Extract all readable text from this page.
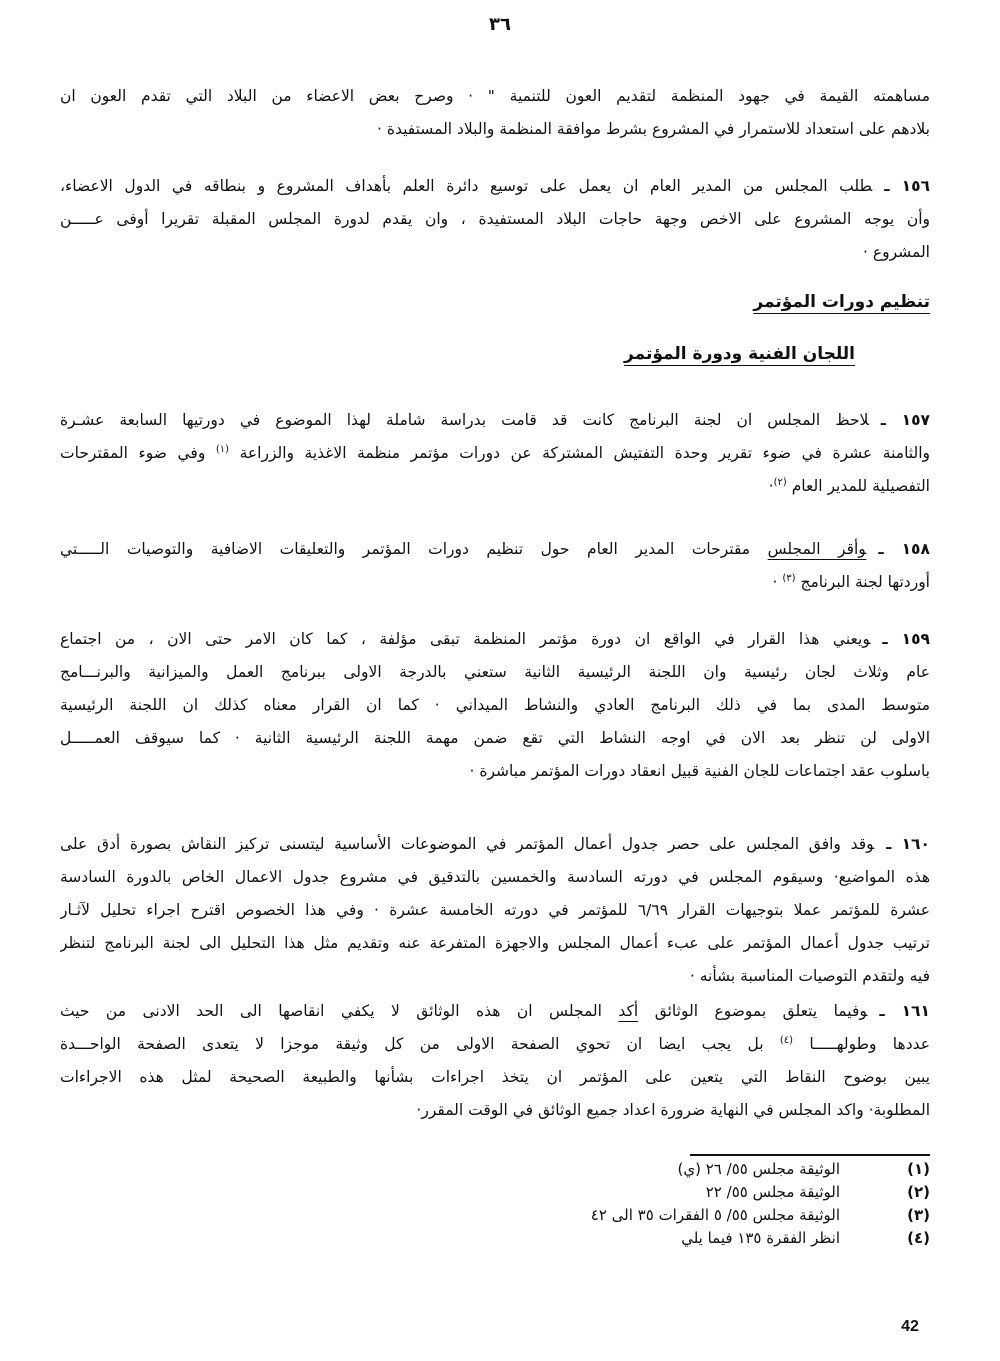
٣٦
مساهمته القيمة في جهود المنظمة لتقديم العون للتنمية " · وصرح بعض الاعضاء من البلاد التي تقدم العون ان
بلادهم على استعداد للاستمرار في المشروع بشرط موافقة المنظمة والبلاد المستفيدة ·
١٥٦ ـطلب المجلس من المدير العام ان يعمل على توسيع دائرة العلم بأهداف المشروع و بنطاقه في الدول الاعضاء،
وأن يوجه المشروع على الاخص وجهة حاجات البلاد المستفيدة ، وان يقدم لدورة المجلس المقبلة تقريرا أوفى عـــــن
المشروع ·
تنظيم دورات المؤتمر
اللجان الفنية ودورة المؤتمر
١٥٧ ـلاحظ المجلس ان لجنة البرنامج كانت قد قامت بدراسة شاملة لهذا الموضوع في دورتيها السابعة عشـرة
والثامنة عشرة في ضوء تقرير وحدة التفتيش المشتركة عن دورات مؤتمر منظمة الاغذية والزراعة $^{(١)}$ وفي ضوء المقترحات
التفصيلية للمدير العام $^{(٢)}$·
١٥٨ ـوأقر المجلس مقترحات المدير العام حول تنظيم دورات المؤتمر والتعليقات الاضافية والتوصيات الـــــتي
أوردتها لجنة البرنامج $^{(٣)}$ ·
١٥٩ ـويعني هذا القرار في الواقع ان دورة مؤتمر المنظمة تبقى مؤلفة ، كما كان الامر حتى الان ، من اجتماع
عام وثلاث لجان رئيسية وان اللجنة الرئيسية الثانية ستعني بالدرجة الاولى ببرنامج العمل والميزانية والبرنـــامج
متوسط المدى بما في ذلك البرنامج العادي والنشاط الميداني · كما ان القرار معناه كذلك ان اللجنة الرئيسية
الاولى لن تنظر بعد الان في اوجه النشاط التي تقع ضمن مهمة اللجنة الرئيسية الثانية · كما سيوقف العمـــــل
باسلوب عقد اجتماعات للجان الفنية قبيل انعقاد دورات المؤتمر مباشرة ·
١٦٠ ـوقد وافق المجلس على حصر جدول أعمال المؤتمر في الموضوعات الأساسية ليتسنى تركيز النقاش بصورة أدق على
هذه المواضيع· وسيقوم المجلس في دورته السادسة والخمسين بالتدقيق في مشروع جدول الاعمال الخاص بالدورة السادسة
عشرة للمؤتمر عملا بتوجيهات القرار ٦/٦٩ للمؤتمر في دورته الخامسة عشرة · وفي هذا الخصوص اقترح اجراء تحليل لآثـار
ترتيب جدول أعمال المؤتمر على عبء أعمال المجلس والاجهزة المتفرعة عنه وتقديم مثل هذا التحليل الى لجنة البرنامج لتنظر
فيه ولتقدم التوصيات المناسبة بشأنه ·
١٦١ ـوفيما يتعلق بموضوع الوثائق أكد المجلس ان هذه الوثائق لا يكفي انقاصها الى الحد الادنى من حيث
عددها وطولهـــــا $^{(٤)}$ بل يجب ايضا ان تحوي الصفحة الاولى من كل وثيقة موجزا لا يتعدى الصفحة الواحـــدة
يبين بوضوح النقاط التي يتعين على المؤتمر ان يتخذ اجراءات بشأنها والطبيعة الصحيحة لمثل هذه الاجراءات
المطلوبة· واكد المجلس في النهاية ضرورة اعداد جميع الوثائق في الوقت المقرر·
(١)
الوثيقة مجلس ٥٥/ ٢٦ (ي)
(٢)
الوثيقة مجلس ٥٥/ ٢٢
(٣)
الوثيقة مجلس ٥٥/ ٥ الفقرات ٣٥ الى ٤٢
(٤)
انظر الفقرة ١٣٥ فيما يلي
42
